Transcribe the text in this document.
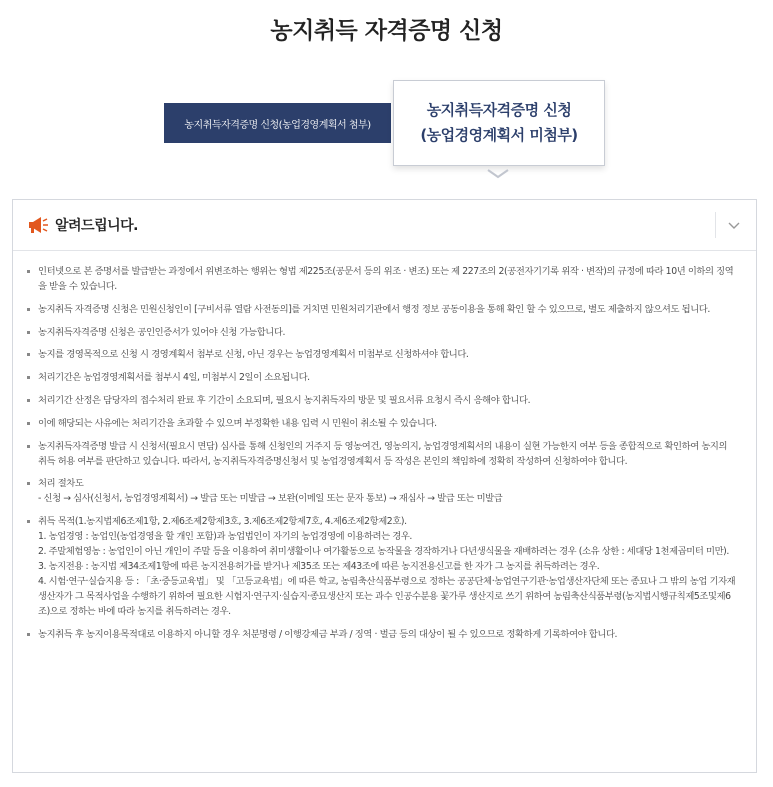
농지취득 자격증명 신청
농지취득자격증명 신청(농업경영계획서 첨부)
농지취득자격증명 신청
(농업경영계획서 미첨부)
알려드립니다.
인터넷으로 본 증명서를 발급받는 과정에서 위변조하는 행위는 형법 제225조(공문서 등의 위조 · 변조) 또는 제 227조의 2(공전자기기록 위작 · 변작)의 규정에 따라 10년 이하의 징역을 받을 수 있습니다.
농지취득 자격증명 신청은 민원신청인이 [구비서류 열람 사전동의]를 거치면 민원처리기관에서 행정 정보 공동이용을 통해 확인 할 수 있으므로, 별도 제출하지 않으셔도 됩니다.
농지취득자격증명 신청은 공인인증서가 있어야 신청 가능합니다.
농지를 경영목적으로 신청 시 경영계획서 첨부로 신청, 아닌 경우는 농업경영계획서 미첨부로 신청하셔야 합니다.
처리기간은 농업경영계획서를 첨부시 4일, 미첨부시 2일이 소요됩니다.
처리기간 산정은 담당자의 접수처리 완료 후 기간이 소요되며, 필요시 농지취득자의 방문 및 필요서류 요청시 즉시 응해야 합니다.
이에 해당되는 사유에는 처리기간을 초과할 수 있으며 부정확한 내용 입력 시 민원이 취소될 수 있습니다.
농지취득자격증명 발급 시 신청서(필요시 면담) 심사를 통해 신청인의 거주지 등 영농여건, 영농의지, 농업경영계획서의 내용이 실현 가능한지 여부 등을 종합적으로 확인하여 농지의 취득 허용 여부를 판단하고 있습니다. 따라서, 농지취득자격증명신청서 및 농업경영계획서 등 작성은 본인의 책임하에 정확히 작성하여 신청하여야 합니다.
처리 절차도
- 신청 → 심사(신청서, 농업경영계획서) → 발급 또는 미발급 → 보완(이메일 또는 문자 통보) → 재심사 → 발급 또는 미발급
취득 목적(1.농지법제6조제1항, 2.제6조제2항제3호, 3.제6조제2항제7호, 4.제6조제2항제2호).
1. 농업경영 : 농업인(농업경영을 할 개인 포함)과 농업법인이 자기의 농업경영에 이용하려는 경우.
2. 주말체험영농 : 농업인이 아닌 개인이 주말 등을 이용하여 취미생활이나 여가활동으로 농작물을 경작하거나 다년생식물을 재배하려는 경우 (소유 상한 : 세대당 1천제곱미터 미만).
3. 농지전용 : 농지법 제34조제1항에 따른 농지전용허가를 받거나 제35조 또는 제43조에 따른 농지전용신고를 한 자가 그 농지를 취득하려는 경우.
4. 시험·연구·실습지용 등 : 「초·중등교육법」 및 「고등교육법」에 따른 학교, 농림축산식품부령으로 정하는 공공단체·농업연구기관·농업생산자단체 또는 종묘나 그 밖의 농업 기자재 생산자가 그 목적사업을 수행하기 위하여 필요한 시험지·연구지·실습지·종묘생산지 또는 과수 인공수분용 꽃가루 생산지로 쓰기 위하여 농림축산식품부령(농지법시행규칙제5조및제6조)으로 정하는 바에 따라 농지를 취득하려는 경우.
농지취득 후 농지이용목적대로 이용하지 아니할 경우 처분명령 / 이행강제금 부과 / 징역 · 벌금 등의 대상이 될 수 있으므로 정확하게 기록하여야 합니다.
